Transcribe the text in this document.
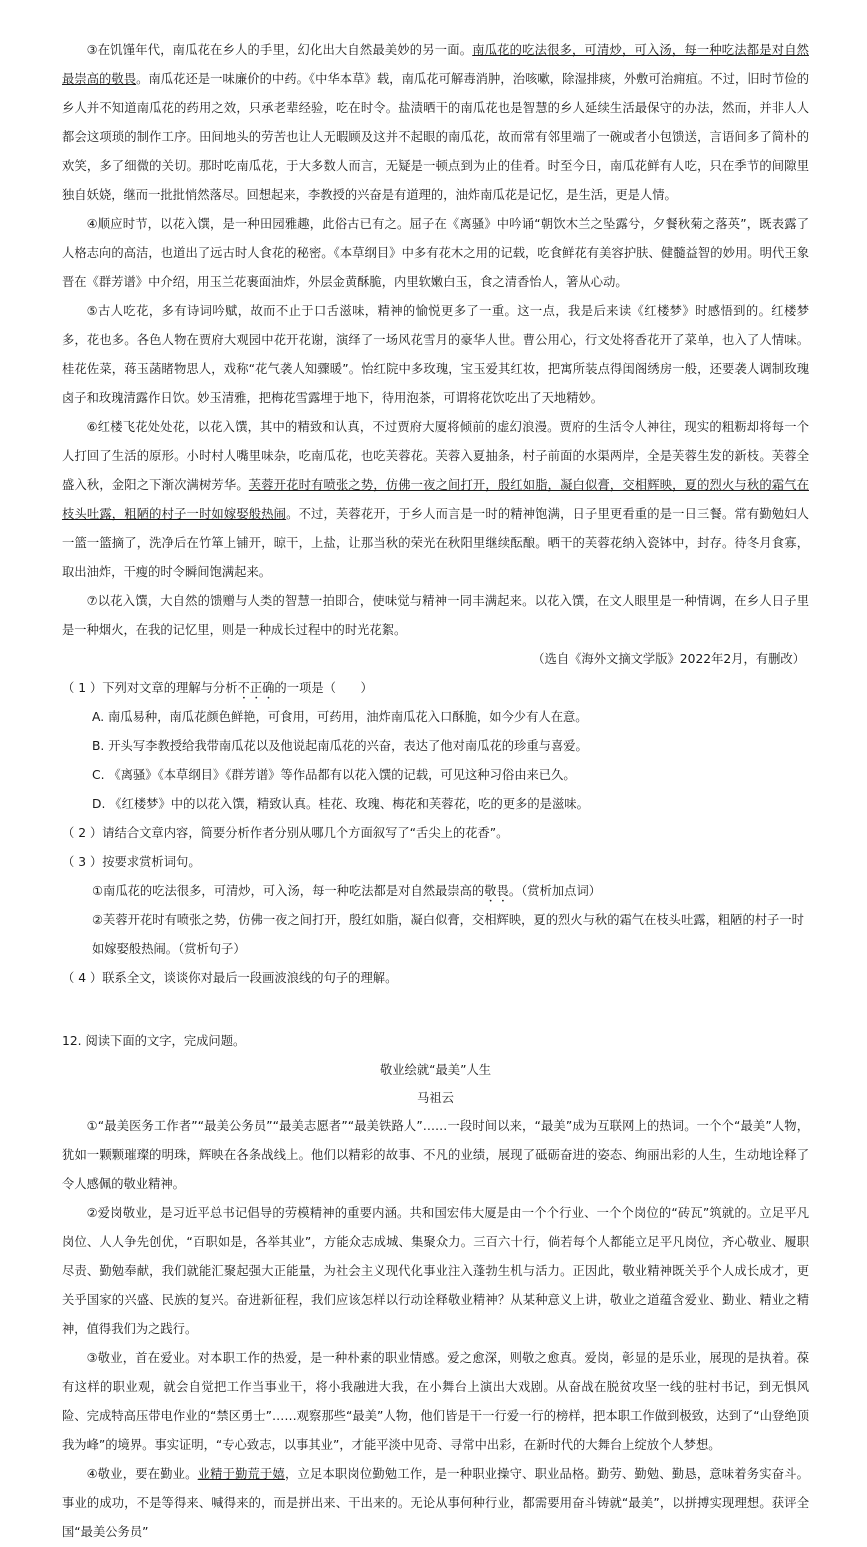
③在饥馑年代，南瓜花在乡人的手里，幻化出大自然最美妙的另一面。南瓜花的吃法很多，可清炒，可入汤，每一种吃法都是对自然最崇高的敬畏。南瓜花还是一味廉价的中药。《中华本草》载，南瓜花可解毒消肿，治咳嗽，除湿排痰，外敷可治痈疽。不过，旧时节俭的乡人并不知道南瓜花的药用之效，只承老辈经验，吃在时令。盐渍晒干的南瓜花也是智慧的乡人延续生活最保守的办法，然而，并非人人都会这项琐的制作工序。田间地头的劳苦也让人无暇顾及这并不起眼的南瓜花，故而常有邻里端了一碗或者小包馈送，言语间多了简朴的欢笑，多了细微的关切。那时吃南瓜花，于大多数人而言，无疑是一顿点到为止的佳肴。时至今日，南瓜花鲜有人吃，只在季节的间隙里独自妖娆，继而一批批悄然落尽。回想起来，李教授的兴奋是有道理的，油炸南瓜花是记忆，是生活，更是人情。

④顺应时节，以花入馔，是一种田园雅趣，此俗古已有之。屈子在《离骚》中吟诵“朝饮木兰之坠露兮，夕餐秋菊之落英”，既表露了人格志向的高洁，也道出了远古时人食花的秘密。《本草纲目》中多有花木之用的记载，吃食鲜花有美容护肤、健髓益智的妙用。明代王象晋在《群芳谱》中介绍，用玉兰花裹面油炸，外层金黄酥脆，内里软嫩白玉，食之清香怡人，箸从心动。

⑤古人吃花，多有诗词吟赋，故而不止于口舌滋味，精神的愉悦更多了一重。这一点，我是后来读《红楼梦》时感悟到的。红楼梦多，花也多。各色人物在贾府大观园中花开花谢，演绎了一场风花雪月的豪华人世。曹公用心，行文处将香花开了菜单，也入了人情味。桂花佐菜，蒋玉菡睹物思人，戏称“花气袭人知骤暖”。怡红院中多玫瑰，宝玉爱其红妆，把寓所装点得闺阁绣房一般，还要袭人调制玫瑰卤子和玫瑰清露作日饮。妙玉清雅，把梅花雪露埋于地下，待用泡茶，可谓将花饮吃出了天地精妙。

⑥红楼飞花处处花，以花入馔，其中的精致和认真，不过贾府大厦将倾前的虚幻浪漫。贾府的生活令人神往，现实的粗粝却将每一个人打回了生活的原形。小时村人嘴里味杂，吃南瓜花，也吃芙蓉花。芙蓉入夏抽条，村子前面的水渠两岸，全是芙蓉生发的新枝。芙蓉全盛入秋，金阳之下渐次满树芳华。芙蓉开花时有喷张之势，仿佛一夜之间打开，殷红如脂，凝白似膏，交相辉映，夏的烈火与秋的霜气在枝头吐露，粗陋的村子一时如嫁娶般热闹。不过，芙蓉花开，于乡人而言是一时的精神饱满，日子里更看重的是一日三餐。常有勤勉妇人一篮一篮摘了，洗净后在竹箪上铺开，晾干，上盐，让那当秋的荣光在秋阳里继续酝酿。晒干的芙蓉花纳入瓷钵中，封存。待冬月食寡，取出油炸，干瘦的时令瞬间饱满起来。

⑦以花入馔，大自然的馈赠与人类的智慧一拍即合，使味觉与精神一同丰满起来。以花入馔，在文人眼里是一种情调，在乡人日子里是一种烟火，在我的记忆里，则是一种成长过程中的时光花絮。

（选自《海外文摘文学版》2022年2月，有删改）

（ 1 ）下列对文章的理解与分析不正确的一项是（　　）
A. 南瓜易种，南瓜花颜色鲜艳，可食用，可药用，油炸南瓜花入口酥脆，如今少有人在意。
B. 开头写李教授给我带南瓜花以及他说起南瓜花的兴奋，表达了他对南瓜花的珍重与喜爱。
C. 《离骚》《本草纲目》《群芳谱》等作品都有以花入馔的记载，可见这种习俗由来已久。
D. 《红楼梦》中的以花入馔，精致认真。桂花、玫瑰、梅花和芙蓉花，吃的更多的是滋味。
（ 2 ）请结合文章内容，简要分析作者分别从哪几个方面叙写了“舌尖上的花香”。
（ 3 ）按要求赏析词句。
①南瓜花的吃法很多，可清炒，可入汤，每一种吃法都是对自然最崇高的敬畏。（赏析加点词）
②芙蓉开花时有喷张之势，仿佛一夜之间打开，殷红如脂，凝白似膏，交相辉映，夏的烈火与秋的霜气在枝头吐露，粗陋的村子一时如嫁娶般热闹。（赏析句子）
（ 4 ）联系全文，谈谈你对最后一段画波浪线的句子的理解。
12. 阅读下面的文字，完成问题。
敬业绘就“最美”人生
马祖云

①“最美医务工作者”“最美公务员”“最美志愿者”“最美铁路人”……一段时间以来，“最美”成为互联网上的热词。一个个“最美”人物，犹如一颗颗璀璨的明珠，辉映在各条战线上。他们以精彩的故事、不凡的业绩，展现了砥砺奋进的姿态、绚丽出彩的人生，生动地诠释了令人感佩的敬业精神。

②爱岗敬业，是习近平总书记倡导的劳模精神的重要内涵。共和国宏伟大厦是由一个个行业、一个个岗位的“砖瓦”筑就的。立足平凡岗位、人人争先创优，“百职如是，各举其业”，方能众志成城、集聚众力。三百六十行，倘若每个人都能立足平凡岗位，齐心敬业、履职尽责、勤勉奉献，我们就能汇聚起强大正能量，为社会主义现代化事业注入蓬勃生机与活力。正因此，敬业精神既关乎个人成长成才，更关乎国家的兴盛、民族的复兴。奋进新征程，我们应该怎样以行动诠释敬业精神？从某种意义上讲，敬业之道蕴含爱业、勤业、精业之精神，值得我们为之践行。

③敬业，首在爱业。对本职工作的热爱，是一种朴素的职业情感。爱之愈深，则敬之愈真。爱岗，彰显的是乐业，展现的是执着。葆有这样的职业观，就会自觉把工作当事业干，将小我融进大我，在小舞台上演出大戏剧。从奋战在脱贫攻坚一线的驻村书记，到无惧风险、完成特高压带电作业的“禁区勇士”……观察那些“最美”人物，他们皆是干一行爱一行的榜样，把本职工作做到极致，达到了“山登绝顶我为峰”的境界。事实证明，“专心致志，以事其业”，才能平淡中见奇、寻常中出彩，在新时代的大舞台上绽放个人梦想。

④敬业，要在勤业。业精于勤荒于嬉，立足本职岗位勤勉工作，是一种职业操守、职业品格。勤劳、勤勉、勤恳，意味着务实奋斗。事业的成功，不是等得来、喊得来的，而是拼出来、干出来的。无论从事何种行业，都需要用奋斗铸就“最美”，以拼搏实现理想。获评全国“最美公务员”
